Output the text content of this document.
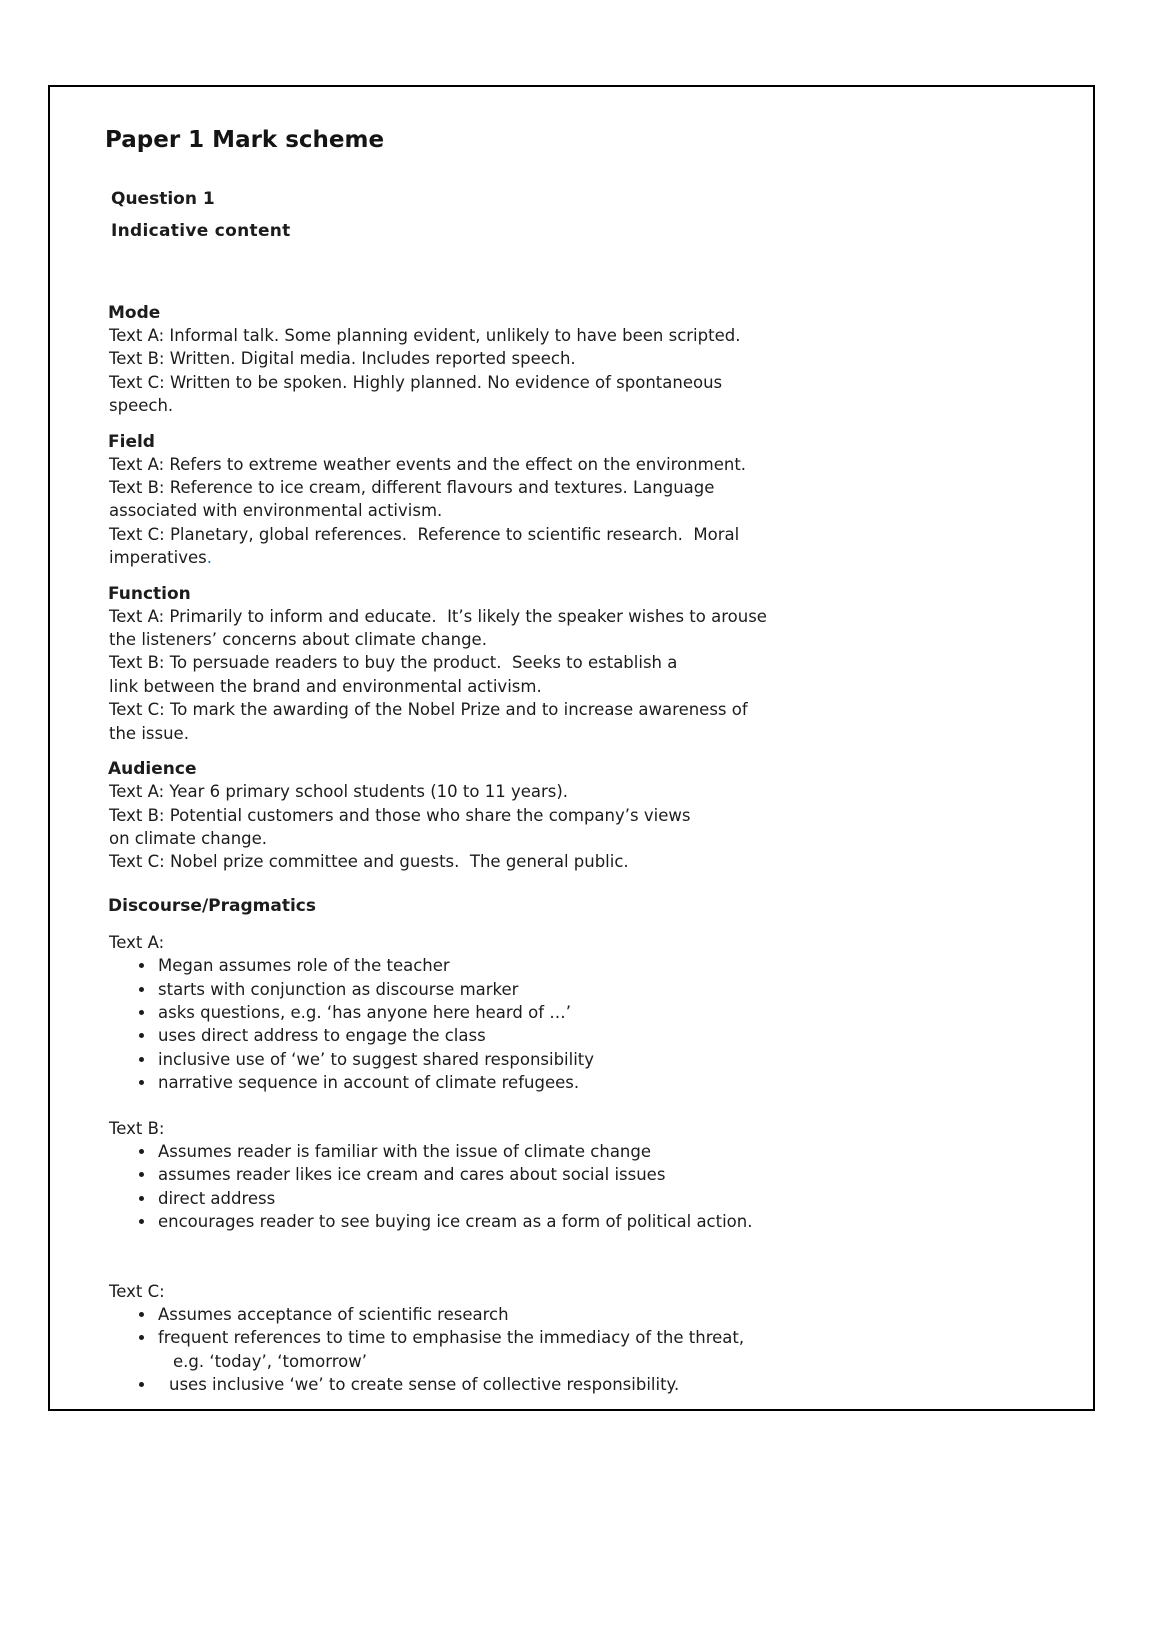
Paper 1 Mark scheme
Question 1
Indicative content
Mode

Text A: Informal talk. Some planning evident, unlikely to have been scripted.

Text B: Written. Digital media. Includes reported speech.

Text C: Written to be spoken. Highly planned. No evidence of spontaneous

speech.

Field

Text A: Refers to extreme weather events and the effect on the environment.

Text B: Reference to ice cream, different flavours and textures. Language

associated with environmental activism.

Text C: Planetary, global references.  Reference to scientific research.  Moral

imperatives.

Function

Text A: Primarily to inform and educate.  It’s likely the speaker wishes to arouse

the listeners’ concerns about climate change.

Text B: To persuade readers to buy the product.  Seeks to establish a

link between the brand and environmental activism.

Text C: To mark the awarding of the Nobel Prize and to increase awareness of

the issue.

Audience

Text A: Year 6 primary school students (10 to 11 years).

Text B: Potential customers and those who share the company’s views

on climate change.

Text C: Nobel prize committee and guests.  The general public.

Discourse/Pragmatics

Text A:

• Megan assumes role of the teacher
• starts with conjunction as discourse marker
• asks questions, e.g. ‘has anyone here heard of …’
• uses direct address to engage the class
• inclusive use of ‘we’ to suggest shared responsibility
• narrative sequence in account of climate refugees.

Text B:

• Assumes reader is familiar with the issue of climate change
• assumes reader likes ice cream and cares about social issues
• direct address
• encourages reader to see buying ice cream as a form of political action.

Text C:

• Assumes acceptance of scientific research
• frequent references to time to emphasise the immediacy of the threat,
e.g. ‘today’, ‘tomorrow’
• uses inclusive ‘we’ to create sense of collective responsibility.
